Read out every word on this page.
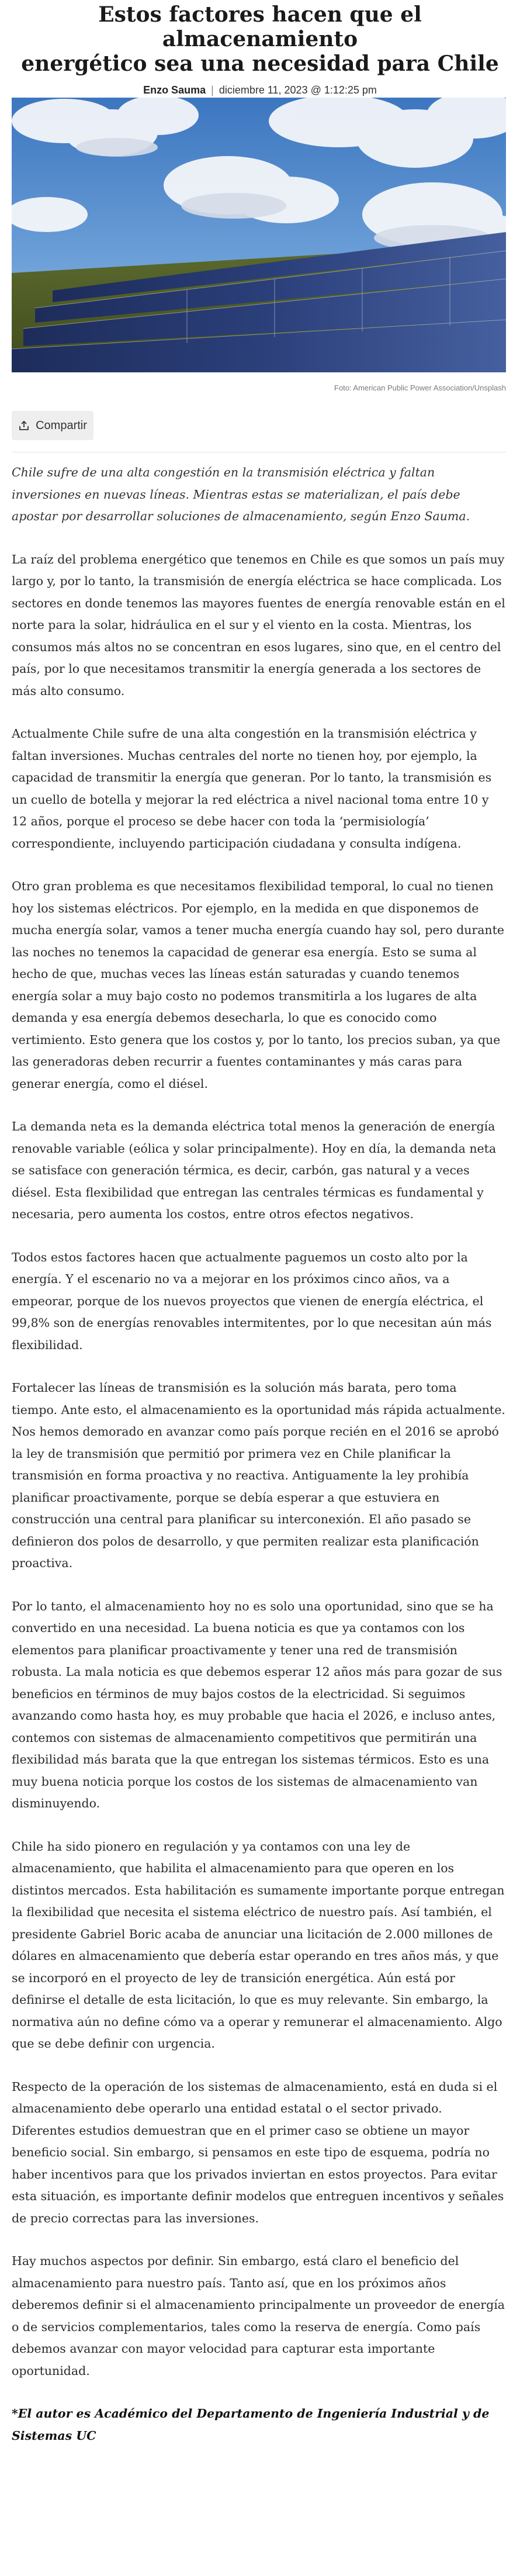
Estos factores hacen que el almacenamiento
energético sea una necesidad para Chile
Enzo Sauma | diciembre 11, 2023 @ 1:12:25 pm
Foto: American Public Power Association/Unsplash
Compartir

Chile sufre de una alta congestión en la transmisión eléctrica y faltan inversiones en nuevas líneas. Mientras estas se materializan, el país debe apostar por desarrollar soluciones de almacenamiento, según Enzo Sauma.

La raíz del problema energético que tenemos en Chile es que somos un país muy largo y, por lo tanto, la transmisión de energía eléctrica se hace complicada. Los sectores en donde tenemos las mayores fuentes de energía renovable están en el norte para la solar, hidráulica en el sur y el viento en la costa. Mientras, los consumos más altos no se concentran en esos lugares, sino que, en el centro del país, por lo que necesitamos transmitir la energía generada a los sectores de más alto consumo.

Actualmente Chile sufre de una alta congestión en la transmisión eléctrica y faltan inversiones. Muchas centrales del norte no tienen hoy, por ejemplo, la capacidad de transmitir la energía que generan. Por lo tanto, la transmisión es un cuello de botella y mejorar la red eléctrica a nivel nacional toma entre 10 y 12 años, porque el proceso se debe hacer con toda la ‘permisiología’ correspondiente, incluyendo participación ciudadana y consulta indígena.

Otro gran problema es que necesitamos flexibilidad temporal, lo cual no tienen hoy los sistemas eléctricos. Por ejemplo, en la medida en que disponemos de mucha energía solar, vamos a tener mucha energía cuando hay sol, pero durante las noches no tenemos la capacidad de generar esa energía. Esto se suma al hecho de que, muchas veces las líneas están saturadas y cuando tenemos energía solar a muy bajo costo no podemos transmitirla a los lugares de alta demanda y esa energía debemos desecharla, lo que es conocido como vertimiento. Esto genera que los costos y, por lo tanto, los precios suban, ya que las generadoras deben recurrir a fuentes contaminantes y más caras para generar energía, como el diésel.

La demanda neta es la demanda eléctrica total menos la generación de energía renovable variable (eólica y solar principalmente). Hoy en día, la demanda neta se satisface con generación térmica, es decir, carbón, gas natural y a veces diésel. Esta flexibilidad que entregan las centrales térmicas es fundamental y necesaria, pero aumenta los costos, entre otros efectos negativos.

Todos estos factores hacen que actualmente paguemos un costo alto por la energía. Y el escenario no va a mejorar en los próximos cinco años, va a empeorar, porque de los nuevos proyectos que vienen de energía eléctrica, el 99,8% son de energías renovables intermitentes, por lo que necesitan aún más flexibilidad.

Fortalecer las líneas de transmisión es la solución más barata, pero toma tiempo. Ante esto, el almacenamiento es la oportunidad más rápida actualmente. Nos hemos demorado en avanzar como país porque recién en el 2016 se aprobó la ley de transmisión que permitió por primera vez en Chile planificar la transmisión en forma proactiva y no reactiva. Antiguamente la ley prohibía planificar proactivamente, porque se debía esperar a que estuviera en construcción una central para planificar su interconexión. El año pasado se definieron dos polos de desarrollo, y que permiten realizar esta planificación proactiva.

Por lo tanto, el almacenamiento hoy no es solo una oportunidad, sino que se ha convertido en una necesidad. La buena noticia es que ya contamos con los elementos para planificar proactivamente y tener una red de transmisión robusta. La mala noticia es que debemos esperar 12 años más para gozar de sus beneficios en términos de muy bajos costos de la electricidad. Si seguimos avanzando como hasta hoy, es muy probable que hacia el 2026, e incluso antes, contemos con sistemas de almacenamiento competitivos que permitirán una flexibilidad más barata que la que entregan los sistemas térmicos. Esto es una muy buena noticia porque los costos de los sistemas de almacenamiento van disminuyendo.

Chile ha sido pionero en regulación y ya contamos con una ley de almacenamiento, que habilita el almacenamiento para que operen en los distintos mercados. Esta habilitación es sumamente importante porque entregan la flexibilidad que necesita el sistema eléctrico de nuestro país. Así también, el presidente Gabriel Boric acaba de anunciar una licitación de 2.000 millones de dólares en almacenamiento que debería estar operando en tres años más, y que se incorporó en el proyecto de ley de transición energética. Aún está por definirse el detalle de esta licitación, lo que es muy relevante. Sin embargo, la normativa aún no define cómo va a operar y remunerar el almacenamiento. Algo que se debe definir con urgencia.

Respecto de la operación de los sistemas de almacenamiento, está en duda si el almacenamiento debe operarlo una entidad estatal o el sector privado. Diferentes estudios demuestran que en el primer caso se obtiene un mayor beneficio social. Sin embargo, si pensamos en este tipo de esquema, podría no haber incentivos para que los privados inviertan en estos proyectos. Para evitar esta situación, es importante definir modelos que entreguen incentivos y señales de precio correctas para las inversiones.

Hay muchos aspectos por definir. Sin embargo, está claro el beneficio del almacenamiento para nuestro país. Tanto así, que en los próximos años deberemos definir si el almacenamiento principalmente un proveedor de energía o de servicios complementarios, tales como la reserva de energía. Como país debemos avanzar con mayor velocidad para capturar esta importante oportunidad.

*El autor es Académico del Departamento de Ingeniería Industrial y de Sistemas UC
